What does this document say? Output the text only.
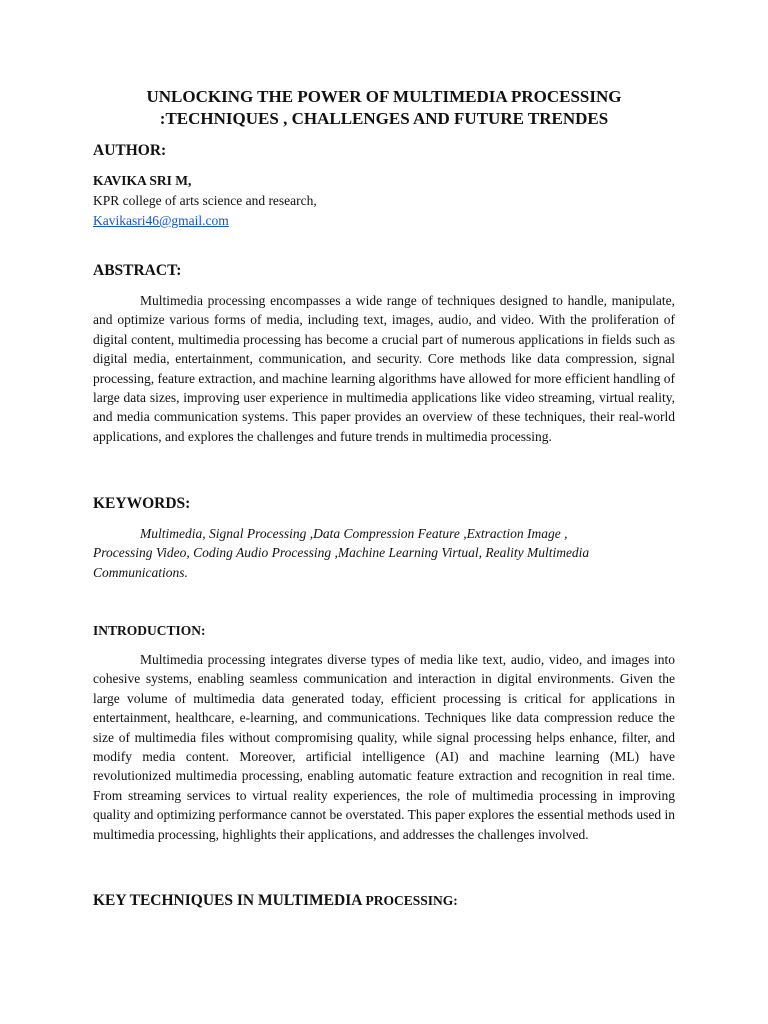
UNLOCKING THE POWER OF MULTIMEDIA PROCESSING
:TECHNIQUES , CHALLENGES AND FUTURE TRENDES
AUTHOR:
KAVIKA SRI M,
KPR college of arts science and research,
Kavikasri46@gmail.com
ABSTRACT:

Multimedia processing encompasses a wide range of techniques designed to handle, manipulate, and optimize various forms of media, including text, images, audio, and video. With the proliferation of digital content, multimedia processing has become a crucial part of numerous applications in fields such as digital media, entertainment, communication, and security. Core methods like data compression, signal processing, feature extraction, and machine learning algorithms have allowed for more efficient handling of large data sizes, improving user experience in multimedia applications like video streaming, virtual reality, and media communication systems. This paper provides an overview of these techniques, their real-world applications, and explores the challenges and future trends in multimedia processing.

KEYWORDS:
Multimedia, Signal Processing ,Data Compression Feature ,Extraction Image ,
Processing Video, Coding Audio Processing ,Machine Learning Virtual, Reality Multimedia
Communications.
INTRODUCTION:

Multimedia processing integrates diverse types of media like text, audio, video, and images into cohesive systems, enabling seamless communication and interaction in digital environments. Given the large volume of multimedia data generated today, efficient processing is critical for applications in entertainment, healthcare, e-learning, and communications. Techniques like data compression reduce the size of multimedia files without compromising quality, while signal processing helps enhance, filter, and modify media content. Moreover, artificial intelligence (AI) and machine learning (ML) have revolutionized multimedia processing, enabling automatic feature extraction and recognition in real time. From streaming services to virtual reality experiences, the role of multimedia processing in improving quality and optimizing performance cannot be overstated. This paper explores the essential methods used in multimedia processing, highlights their applications, and addresses the challenges involved.

KEY TECHNIQUES IN MULTIMEDIA PROCESSING:
